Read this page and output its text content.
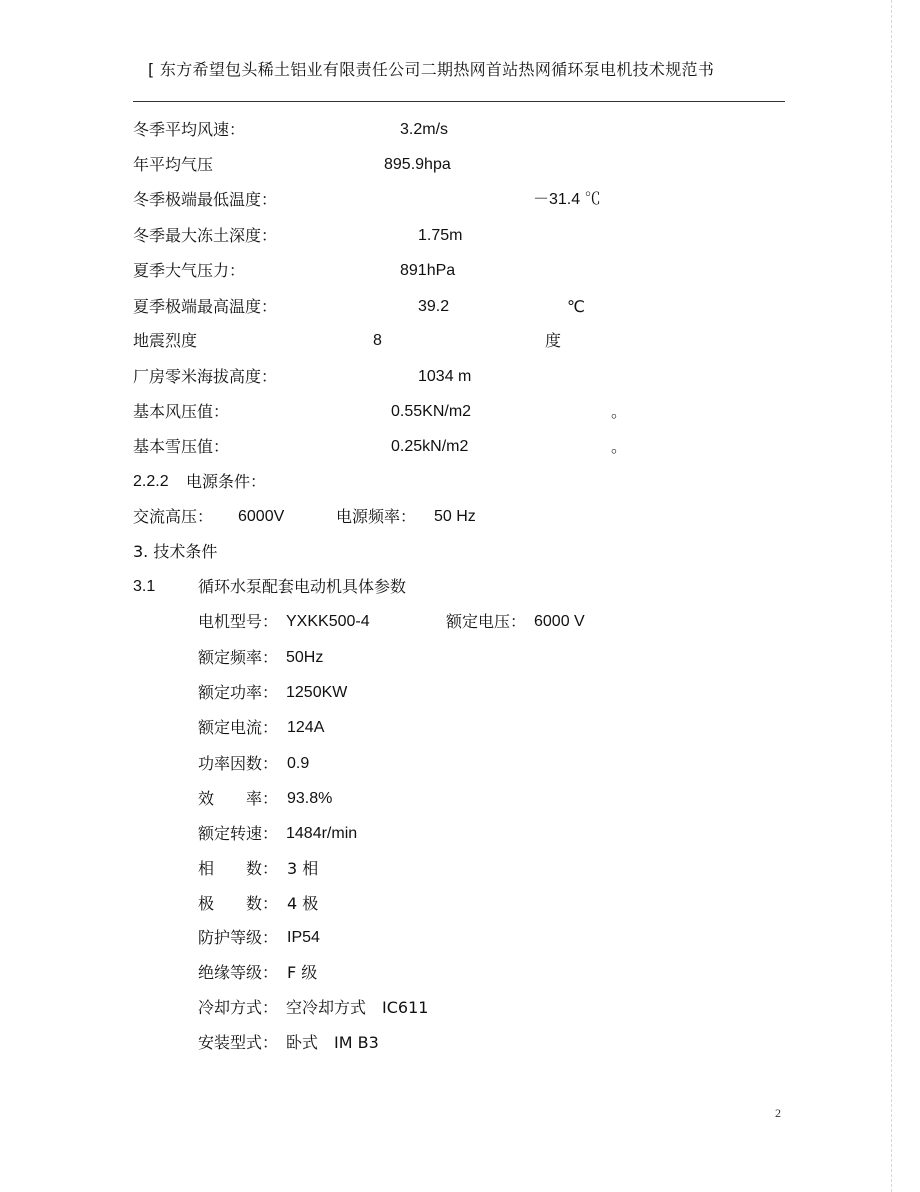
[ 东方希望包头稀土铝业有限责任公司二期热网首站热网循环泵电机技术规范书
冬季平均风速：	3.2m/s
年平均气压	895.9hpa
冬季极端最低温度：	－31.4 ℃
冬季最大冻土深度：	1.75m
夏季大气压力：	891hPa
夏季极端最高温度：	39.2	℃
地震烈度	8	度
厂房零米海拔高度：	1034 m
基本风压值：	0.55KN/m2	。
基本雪压值：	0.25kN/m2	。
2.2.2 电源条件：
交流高压： 6000V	电源频率： 50 Hz
3. 技术条件
3.1	循环水泵配套电动机具体参数
电机型号： YXKK500-4	额定电压： 6000 V
额定频率： 50Hz
额定功率： 1250KW
额定电流： 124A
功率因数： 0.9
效　　率： 93.8%
额定转速： 1484r/min
相　　数： 3 相
极　　数： 4 极
防护等级： IP54
绝缘等级： F 级
冷却方式： 空冷却方式　IC611
安装型式： 卧式　IM B3
2
